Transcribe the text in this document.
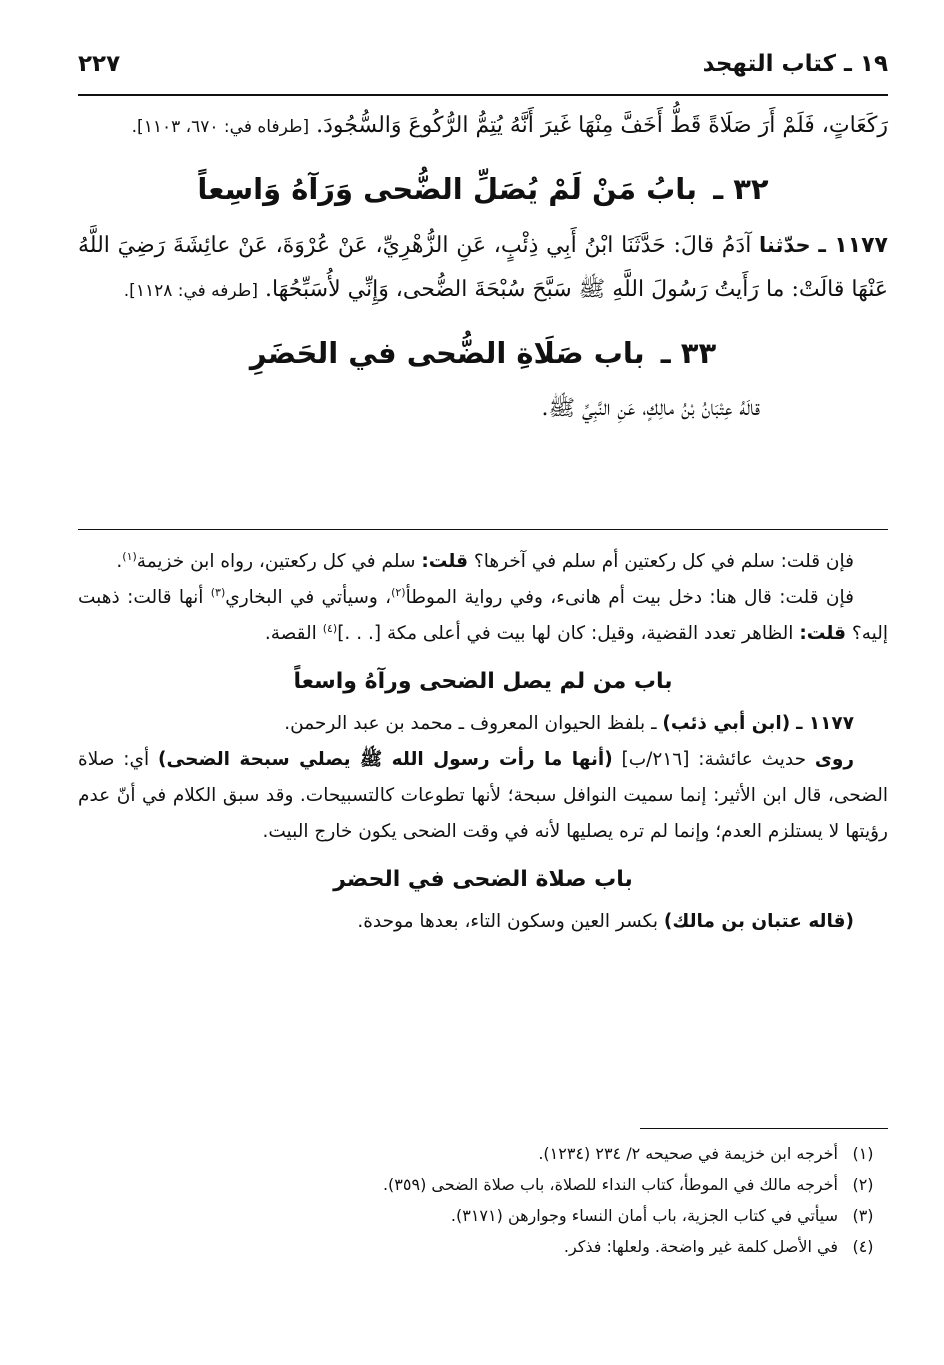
١٩ ـ كتاب التهجد
٢٢٧

رَكَعَاتٍ، فَلَمْ أَرَ صَلَاةً قَطُّ أَخَفَّ مِنْهَا غَيرَ أَنَّهُ يُتِمُّ الرُّكُوعَ وَالسُّجُودَ. [طرفاه في: ٦٧٠، ١١٠٣].

٣٢ ـ بابُ مَنْ لَمْ يُصَلِّ الضُّحى وَرَآهُ وَاسِعاً

١١٧٧ ـ حدّثنا آدَمُ قالَ: حَدَّثَنَا ابْنُ أَبِي ذِئْبٍ، عَنِ الزُّهْرِيِّ، عَنْ عُرْوَةَ، عَنْ عائِشَةَ رَضِيَ اللَّهُ عَنْهَا قالَتْ: ما رَأَيتُ رَسُولَ اللَّهِ ﷺ سَبَّحَ سُبْحَةَ الضُّحى، وَإِنِّي لأُسَبِّحُهَا. [طرفه في: ١١٢٨].

٣٣ ـ باب صَلَاةِ الضُّحى في الحَضَرِ

قالَهُ عِتْبَانُ بْنُ مالِكٍ، عَنِ النَّبِيِّ ﷺ.

فإن قلت: سلم في كل ركعتين أم سلم في آخرها؟ قلت: سلم في كل ركعتين، رواه ابن خزيمة$^{(١)}$.

فإن قلت: قال هنا: دخل بيت أم هانىء، وفي رواية الموطأ$^{(٢)}$، وسيأتي في البخاري$^{(٣)}$ أنها قالت: ذهبت إليه؟ قلت: الظاهر تعدد القضية، وقيل: كان لها بيت في أعلى مكة [. . .]$^{(٤)}$ القصة.

باب من لم يصل الضحى ورآهُ واسعاً

١١٧٧ ـ (ابن أبي ذئب) ـ بلفظ الحيوان المعروف ـ محمد بن عبد الرحمن.

روى حديث عائشة: [٢١٦/ب] (أنها ما رأت رسول الله ﷺ يصلي سبحة الضحى) أي: صلاة الضحى، قال ابن الأثير: إنما سميت النوافل سبحة؛ لأنها تطوعات كالتسبيحات. وقد سبق الكلام في أنّ عدم رؤيتها لا يستلزم العدم؛ وإنما لم تره يصليها لأنه في وقت الضحى يكون خارج البيت.

باب صلاة الضحى في الحضر

(قاله عتبان بن مالك) بكسر العين وسكون التاء، بعدها موحدة.

(١)
أخرجه ابن خزيمة في صحيحه ٢/ ٢٣٤ (١٢٣٤).
(٢)
أخرجه مالك في الموطأ، كتاب النداء للصلاة، باب صلاة الضحى (٣٥٩).
(٣)
سيأتي في كتاب الجزية، باب أمان النساء وجوارهن (٣١٧١).
(٤)
في الأصل كلمة غير واضحة. ولعلها: فذكر.
